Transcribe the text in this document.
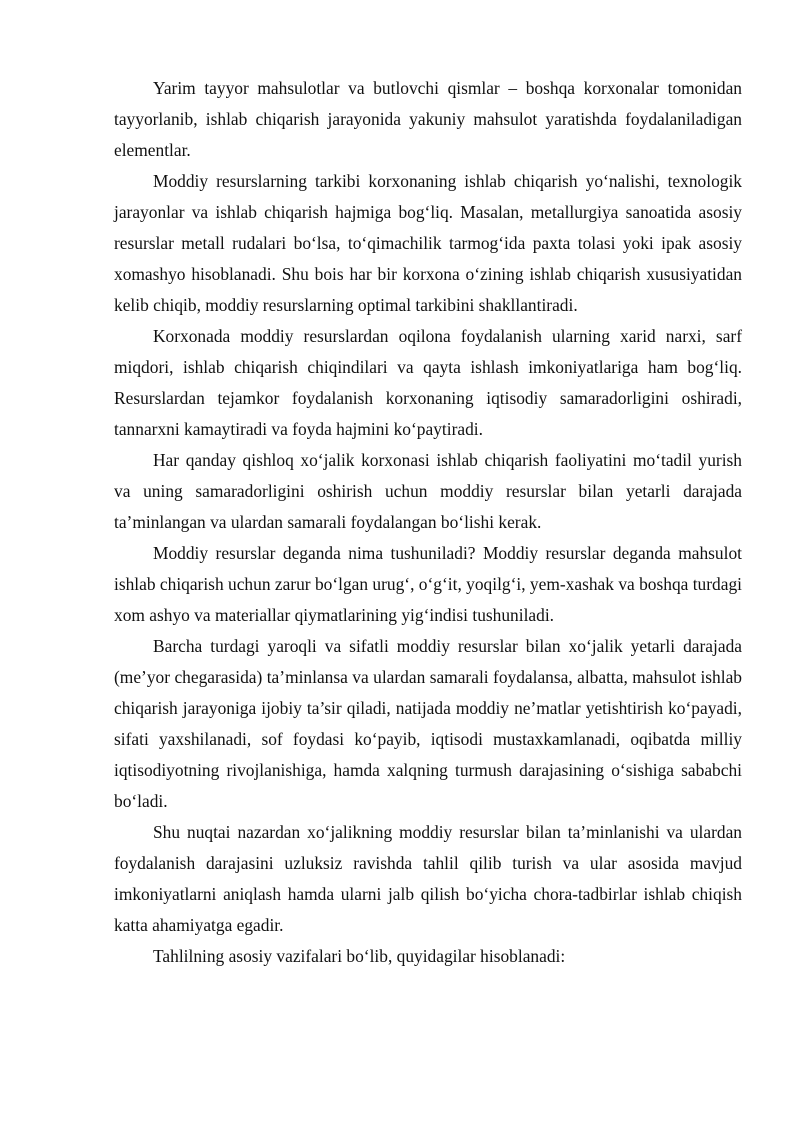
Yarim tayyor mahsulotlar va butlovchi qismlar – boshqa korxonalar tomonidan tayyorlanib, ishlab chiqarish jarayonida yakuniy mahsulot yaratishda foydalaniladigan elementlar.

Moddiy resurslarning tarkibi korxonaning ishlab chiqarish yo‘nalishi, texnologik jarayonlar va ishlab chiqarish hajmiga bog‘liq. Masalan, metallurgiya sanoatida asosiy resurslar metall rudalari bo‘lsa, to‘qimachilik tarmog‘ida paxta tolasi yoki ipak asosiy xomashyo hisoblanadi. Shu bois har bir korxona o‘zining ishlab chiqarish xususiyatidan kelib chiqib, moddiy resurslarning optimal tarkibini shakllantiradi.

Korxonada moddiy resurslardan oqilona foydalanish ularning xarid narxi, sarf miqdori, ishlab chiqarish chiqindilari va qayta ishlash imkoniyatlariga ham bog‘liq. Resurslardan tejamkor foydalanish korxonaning iqtisodiy samaradorligini oshiradi, tannarxni kamaytiradi va foyda hajmini ko‘paytiradi.

Har qanday qishloq xo‘jalik korxonasi ishlab chiqarish faoliyatini mo‘tadil yurish va uning samaradorligini oshirish uchun moddiy resurslar bilan yetarli darajada ta’minlangan va ulardan samarali foydalangan bo‘lishi kerak.

Moddiy resurslar deganda nima tushuniladi? Moddiy resurslar deganda mahsulot ishlab chiqarish uchun zarur bo‘lgan urug‘, o‘g‘it, yoqilg‘i, yem-xashak va boshqa turdagi xom ashyo va materiallar qiymatlarining yig‘indisi tushuniladi.

Barcha turdagi yaroqli va sifatli moddiy resurslar bilan xo‘jalik yetarli darajada (me’yor chegarasida) ta’minlansa va ulardan samarali foydalansa, albatta, mahsulot ishlab chiqarish jarayoniga ijobiy ta’sir qiladi, natijada moddiy ne’matlar yetishtirish ko‘payadi, sifati yaxshilanadi, sof foydasi ko‘payib, iqtisodi mustaxkamlanadi, oqibatda milliy iqtisodiyotning rivojlanishiga, hamda xalqning turmush darajasining o‘sishiga sababchi bo‘ladi.

Shu nuqtai nazardan xo‘jalikning moddiy resurslar bilan ta’minlanishi va ulardan foydalanish darajasini uzluksiz ravishda tahlil qilib turish va ular asosida mavjud imkoniyatlarni aniqlash hamda ularni jalb qilish bo‘yicha chora-tadbirlar ishlab chiqish katta ahamiyatga egadir.

Tahlilning asosiy vazifalari bo‘lib, quyidagilar hisoblanadi:
